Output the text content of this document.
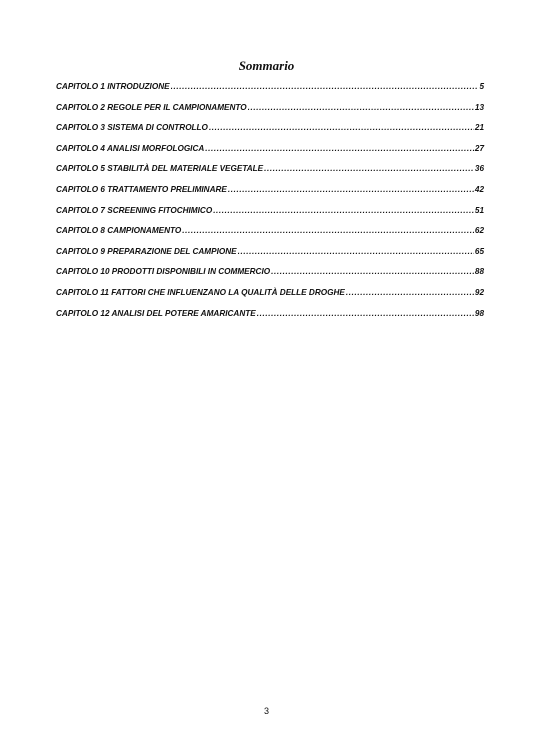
Sommario
CAPITOLO 1 INTRODUZIONE .....	5
CAPITOLO 2 REGOLE PER IL CAMPIONAMENTO .....	13
CAPITOLO 3 SISTEMA DI CONTROLLO .....	21
CAPITOLO 4 ANALISI MORFOLOGICA .....	27
CAPITOLO 5 STABILITÀ DEL MATERIALE VEGETALE .....	36
CAPITOLO 6 TRATTAMENTO PRELIMINARE .....	42
CAPITOLO 7 SCREENING FITOCHIMICO .....	51
CAPITOLO 8 CAMPIONAMENTO .....	62
CAPITOLO 9 PREPARAZIONE DEL CAMPIONE .....	65
CAPITOLO 10 PRODOTTI DISPONIBILI IN COMMERCIO .....	88
CAPITOLO 11 FATTORI CHE INFLUENZANO LA QUALITÀ DELLE DROGHE .....	92
CAPITOLO 12 ANALISI DEL POTERE AMARICANTE .....	98
3
